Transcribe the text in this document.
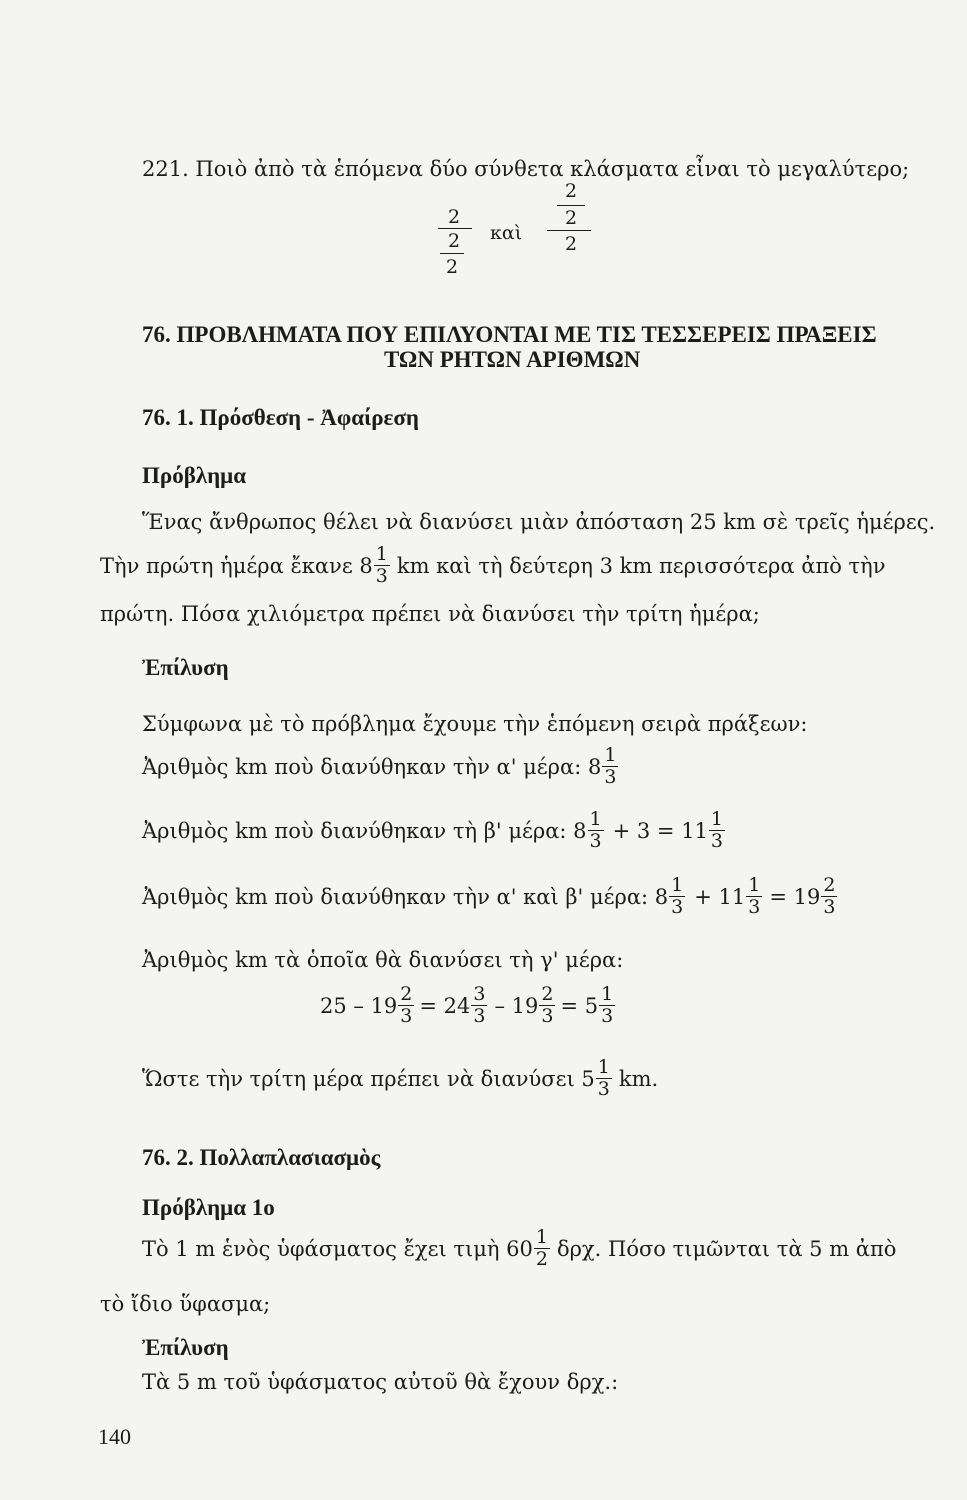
221. Ποιὸ ἀπὸ τὰ ἑπόμενα δύο σύνθετα κλάσματα εἶναι τὸ μεγαλύτερο;
2
2
2
καὶ
2
2
2
76. ΠΡΟΒΛΗΜΑΤΑ ΠΟΥ ΕΠΙΛΥΟΝΤΑΙ ΜΕ ΤΙΣ ΤΕΣΣΕΡΕΙΣ ΠΡΑΞΕΙΣ
ΤΩΝ ΡΗΤΩΝ ΑΡΙΘΜΩΝ
76. 1. Πρόσθεση - Ἀφαίρεση
Πρόβλημα
Ἕνας ἄνθρωπος θέλει νὰ διανύσει μιὰν ἀπόσταση 25 km σὲ τρεῖς ἡμέρες.
Τὴν πρώτη ἡμέρα ἔκανε $8 \frac{1}{3}$ km καὶ τὴ δεύτερη 3 km περισσότερα ἀπὸ τὴν
πρώτη. Πόσα χιλιόμετρα πρέπει νὰ διανύσει τὴν τρίτη ἡμέρα;
Ἐπίλυση
Σύμφωνα μὲ τὸ πρόβλημα ἔχουμε τὴν ἑπόμενη σειρὰ πράξεων:
Ἀριθμὸς km ποὺ διανύθηκαν τὴν α' μέρα: $8 \frac{1}{3}$
Ἀριθμὸς km ποὺ διανύθηκαν τὴ β' μέρα: $8 \frac{1}{3} + 3 = 11 \frac{1}{3}$
Ἀριθμὸς km ποὺ διανύθηκαν τὴν α' καὶ β' μέρα: $8 \frac{1}{3} + 11 \frac{1}{3} = 19 \frac{2}{3}$
Ἀριθμὸς km τὰ ὁποῖα θὰ διανύσει τὴ γ' μέρα:
$25 - 19 \frac{2}{3} = 24 \frac{3}{3} - 19 \frac{2}{3} = 5 \frac{1}{3}$
Ὥστε τὴν τρίτη μέρα πρέπει νὰ διανύσει $5 \frac{1}{3}$ km.
76. 2. Πολλαπλασιασμὸς
Πρόβλημα 1ο
Τὸ 1 m ἑνὸς ὑφάσματος ἔχει τιμὴ $60 \frac{1}{2} \delta\rho\chi$. Πόσο τιμῶνται τὰ 5 m ἀπὸ
τὸ ἴδιο ὕφασμα;
Ἐπίλυση
Τὰ 5 m τοῦ ὑφάσματος αὐτοῦ θὰ ἔχουν δρχ.:
140
